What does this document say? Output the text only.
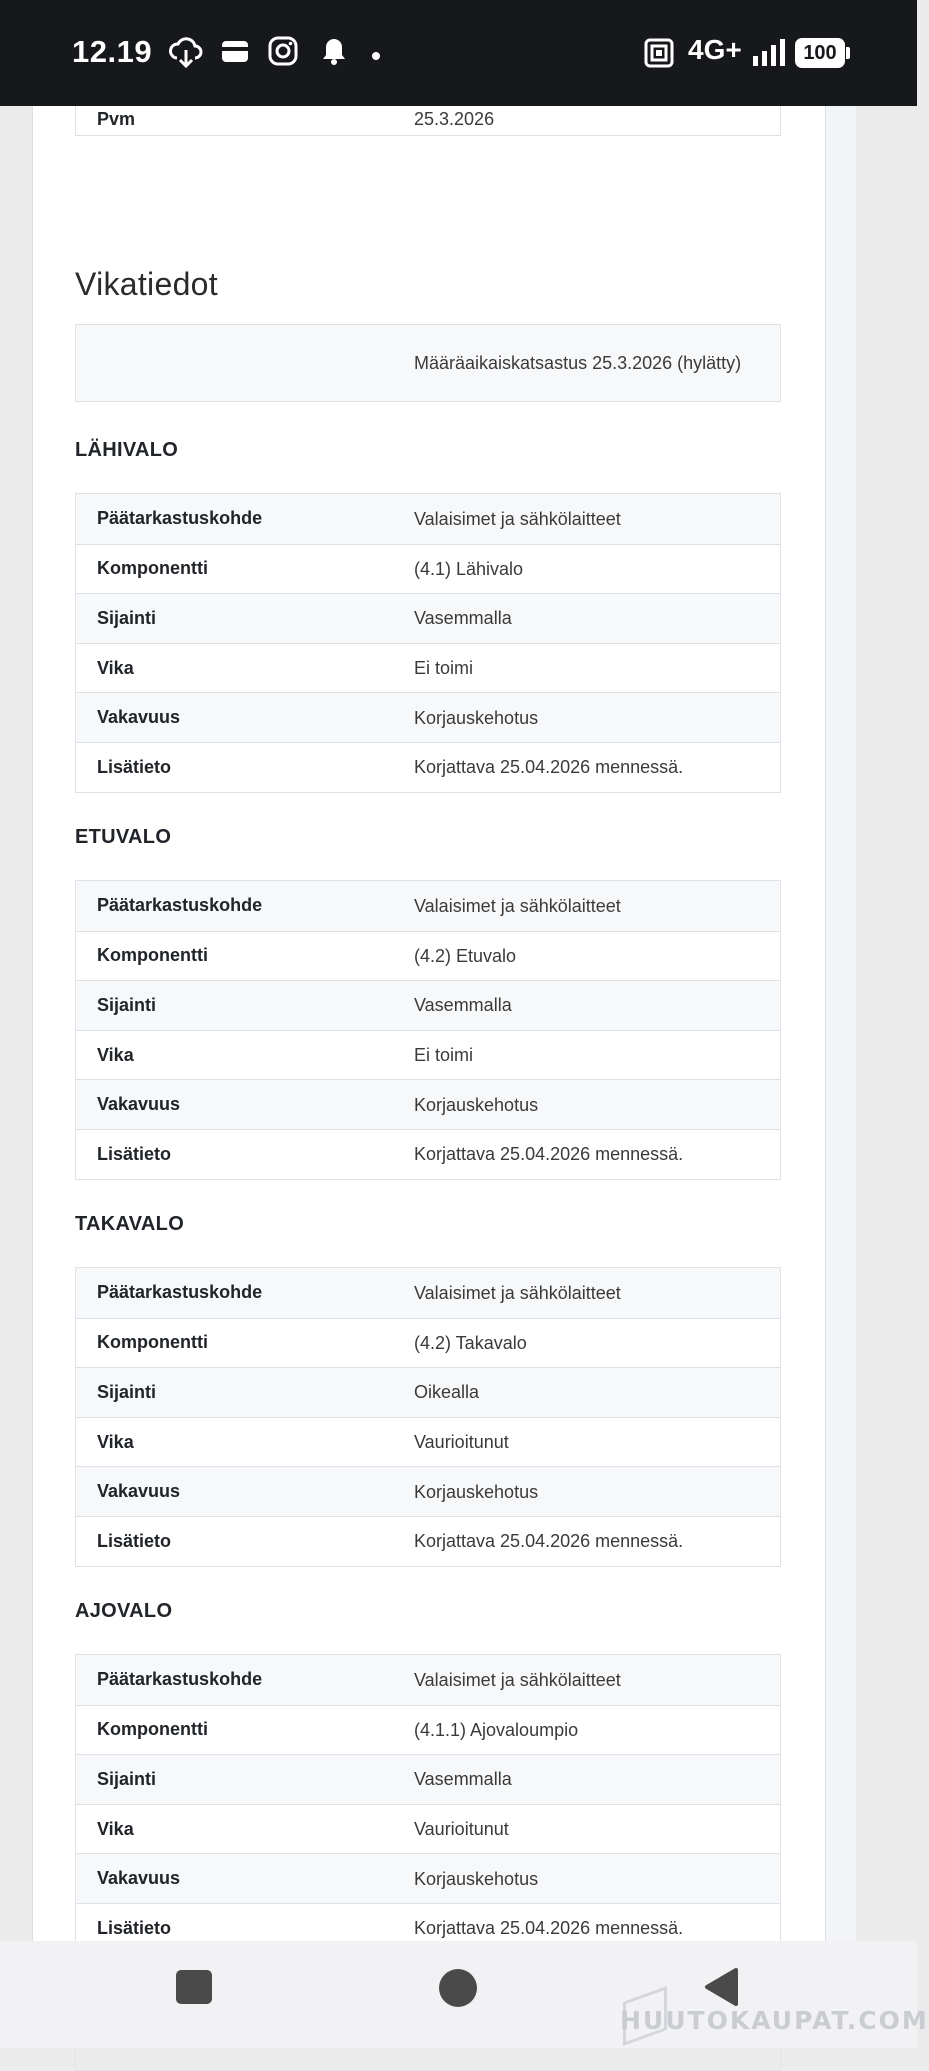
12.19	4G+	100
Pvm	25.3.2026
Vikatiedot
Määräaikaiskatsastus 25.3.2026 (hylätty)
LÄHIVALO
Päätarkastuskohde	Valaisimet ja sähkölaitteet
Komponentti	(4.1) Lähivalo
Sijainti	Vasemmalla
Vika	Ei toimi
Vakavuus	Korjauskehotus
Lisätieto	Korjattava 25.04.2026 mennessä.
ETUVALO
Päätarkastuskohde	Valaisimet ja sähkölaitteet
Komponentti	(4.2) Etuvalo
Sijainti	Vasemmalla
Vika	Ei toimi
Vakavuus	Korjauskehotus
Lisätieto	Korjattava 25.04.2026 mennessä.
TAKAVALO
Päätarkastuskohde	Valaisimet ja sähkölaitteet
Komponentti	(4.2) Takavalo
Sijainti	Oikealla
Vika	Vaurioitunut
Vakavuus	Korjauskehotus
Lisätieto	Korjattava 25.04.2026 mennessä.
AJOVALO
Päätarkastuskohde	Valaisimet ja sähkölaitteet
Komponentti	(4.1.1) Ajovaloumpio
Sijainti	Vasemmalla
Vika	Vaurioitunut
Vakavuus	Korjauskehotus
Lisätieto	Korjattava 25.04.2026 mennessä.
HUUTOKAUPAT.COM
